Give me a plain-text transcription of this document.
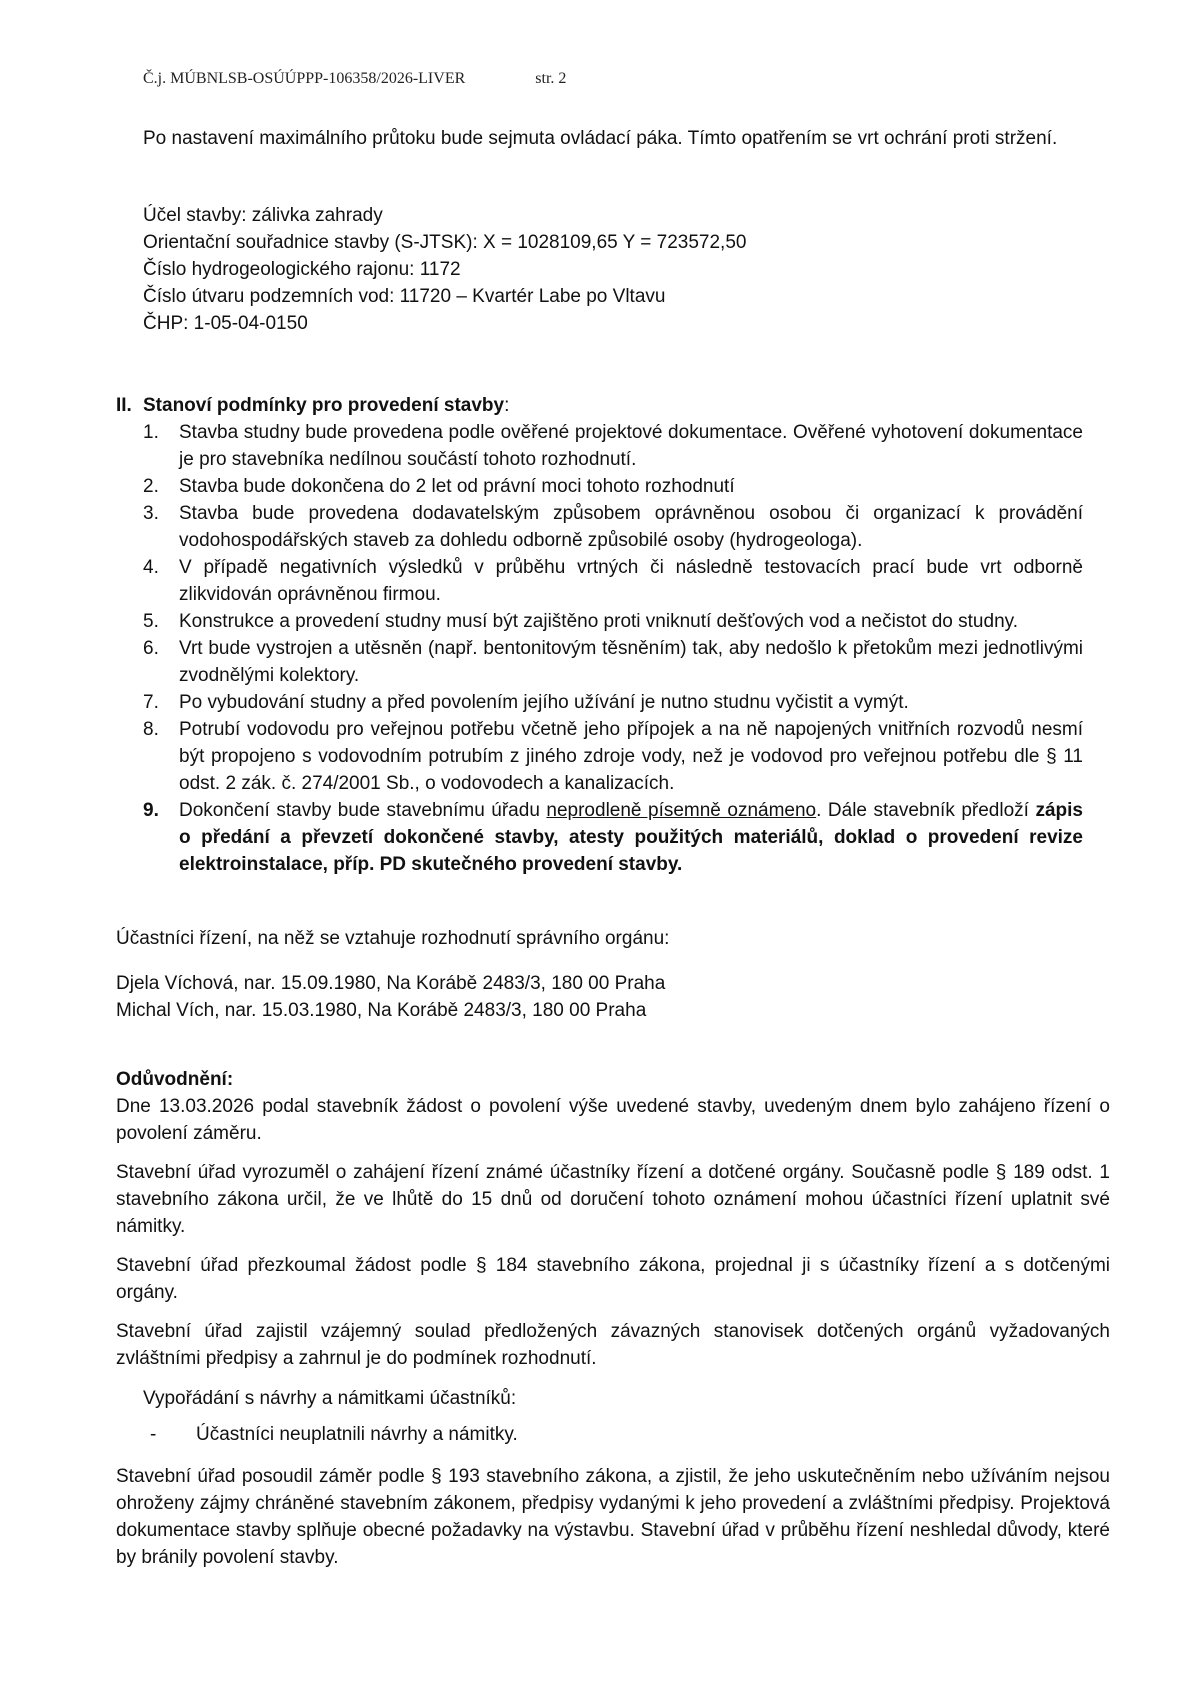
Č.j. MÚBNLSB-OSÚÚPPP-106358/2026-LIVER	str. 2

Po nastavení maximálního průtoku bude sejmuta ovládací páka. Tímto opatřením se vrt ochrání proti stržení.

Účel stavby: zálivka zahrady
Orientační souřadnice stavby (S-JTSK): X = 1028109,65 Y = 723572,50
Číslo hydrogeologického rajonu: 1172
Číslo útvaru podzemních vod: 11720 – Kvartér Labe po Vltavu
ČHP: 1-05-04-0150
II. Stanoví podmínky pro provedení stavby:
1. Stavba studny bude provedena podle ověřené projektové dokumentace. Ověřené vyhotovení dokumentace je pro stavebníka nedílnou součástí tohoto rozhodnutí.
2. Stavba bude dokončena do 2 let od právní moci tohoto rozhodnutí
3. Stavba bude provedena dodavatelským způsobem oprávněnou osobou či organizací k provádění vodohospodářských staveb za dohledu odborně způsobilé osoby (hydrogeologa).
4. V případě negativních výsledků v průběhu vrtných či následně testovacích prací bude vrt odborně zlikvidován oprávněnou firmou.
5. Konstrukce a provedení studny musí být zajištěno proti vniknutí dešťových vod a nečistot do studny.
6. Vrt bude vystrojen a utěsněn (např. bentonitovým těsněním) tak, aby nedošlo k přetokům mezi jednotlivými zvodnělými kolektory.
7. Po vybudování studny a před povolením jejího užívání je nutno studnu vyčistit a vymýt.
8. Potrubí vodovodu pro veřejnou potřebu včetně jeho přípojek a na ně napojených vnitřních rozvodů nesmí být propojeno s vodovodním potrubím z jiného zdroje vody, než je vodovod pro veřejnou potřebu dle § 11 odst. 2 zák. č. 274/2001 Sb., o vodovodech a kanalizacích.
9. Dokončení stavby bude stavebnímu úřadu neprodleně písemně oznámeno. Dále stavebník předloží zápis o předání a převzetí dokončené stavby, atesty použitých materiálů, doklad o provedení revize elektroinstalace, příp. PD skutečného provedení stavby.
Účastníci řízení, na něž se vztahuje rozhodnutí správního orgánu:
Djela Víchová, nar. 15.09.1980, Na Korábě 2483/3, 180 00 Praha
Michal Vích, nar. 15.03.1980, Na Korábě 2483/3, 180 00 Praha
Odůvodnění:

Dne 13.03.2026 podal stavebník žádost o povolení výše uvedené stavby, uvedeným dnem bylo zahájeno řízení o povolení záměru.

Stavební úřad vyrozuměl o zahájení řízení známé účastníky řízení a dotčené orgány. Současně podle § 189 odst. 1 stavebního zákona určil, že ve lhůtě do 15 dnů od doručení tohoto oznámení mohou účastníci řízení uplatnit své námitky.

Stavební úřad přezkoumal žádost podle § 184 stavebního zákona, projednal ji s účastníky řízení a s dotčenými orgány.

Stavební úřad zajistil vzájemný soulad předložených závazných stanovisek dotčených orgánů vyžadovaných zvláštními předpisy a zahrnul je do podmínek rozhodnutí.

Vypořádání s návrhy a námitkami účastníků:
- Účastníci neuplatnili návrhy a námitky.

Stavební úřad posoudil záměr podle § 193 stavebního zákona, a zjistil, že jeho uskutečněním nebo užíváním nejsou ohroženy zájmy chráněné stavebním zákonem, předpisy vydanými k jeho provedení a zvláštními předpisy. Projektová dokumentace stavby splňuje obecné požadavky na výstavbu. Stavební úřad v průběhu řízení neshledal důvody, které by bránily povolení stavby.
